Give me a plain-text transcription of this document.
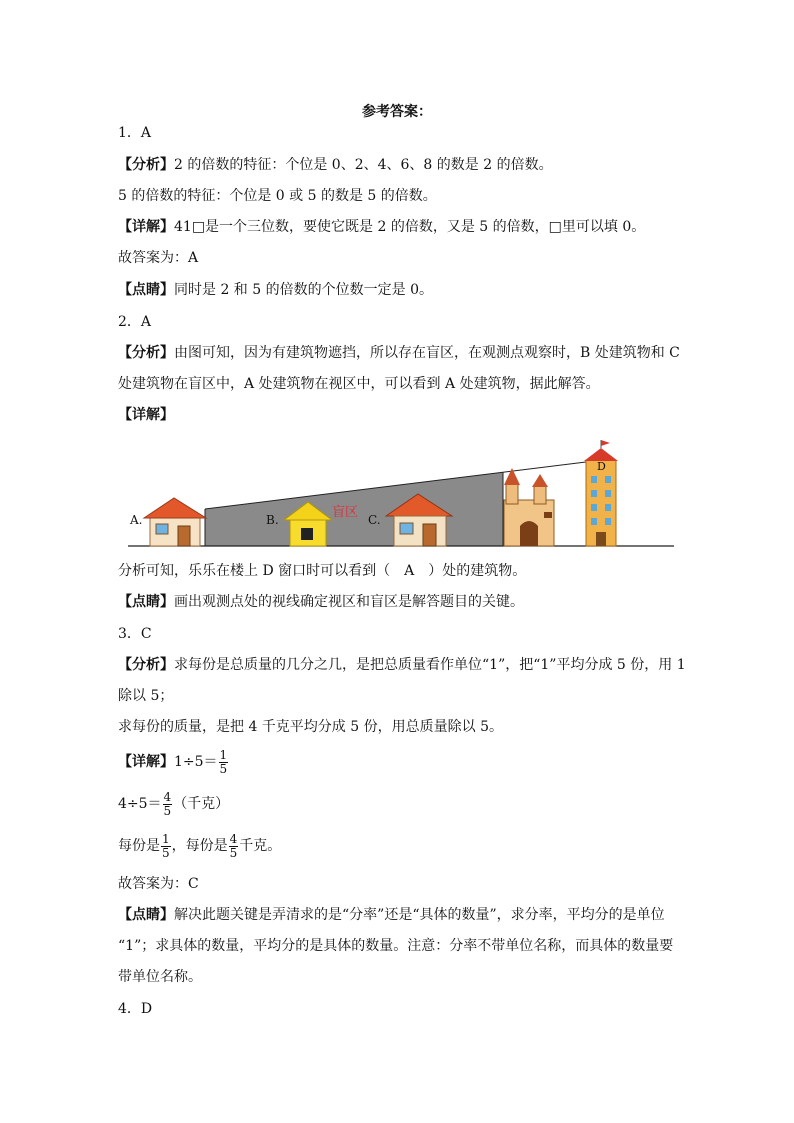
参考答案：
1．A
【分析】2 的倍数的特征：个位是 0、2、4、6、8 的数是 2 的倍数。
5 的倍数的特征：个位是 0 或 5 的数是 5 的倍数。
【详解】41□是一个三位数，要使它既是 2 的倍数，又是 5 的倍数，□里可以填 0。
故答案为：A
【点睛】同时是 2 和 5 的倍数的个位数一定是 0。
2．A
【分析】由图可知，因为有建筑物遮挡，所以存在盲区，在观测点观察时，B 处建筑物和 C
处建筑物在盲区中，A 处建筑物在视区中，可以看到 A 处建筑物，据此解答。
【详解】
A.	B.	盲区 C.
D
分析可知，乐乐在楼上 D 窗口时可以看到（　A　）处的建筑物。
【点睛】画出观测点处的视线确定视区和盲区是解答题目的关键。
3．C
【分析】求每份是总质量的几分之几，是把总质量看作单位“1”，把“1”平均分成 5 份，用 1
除以 5；
求每份的质量，是把 4 千克平均分成 5 份，用总质量除以 5。
【详解】$1\div 5= \frac{1}{5}$
$4\div 5= \frac{4}{5}$ （千克）
每份是 $\frac{1}{5}$ ，每份是 $\frac{4}{5}$ 千克。
故答案为：C
【点睛】解决此题关键是弄清求的是“分率”还是“具体的数量”，求分率，平均分的是单位
“1”；求具体的数量，平均分的是具体的数量。注意：分率不带单位名称，而具体的数量要
带单位名称。
4．D
